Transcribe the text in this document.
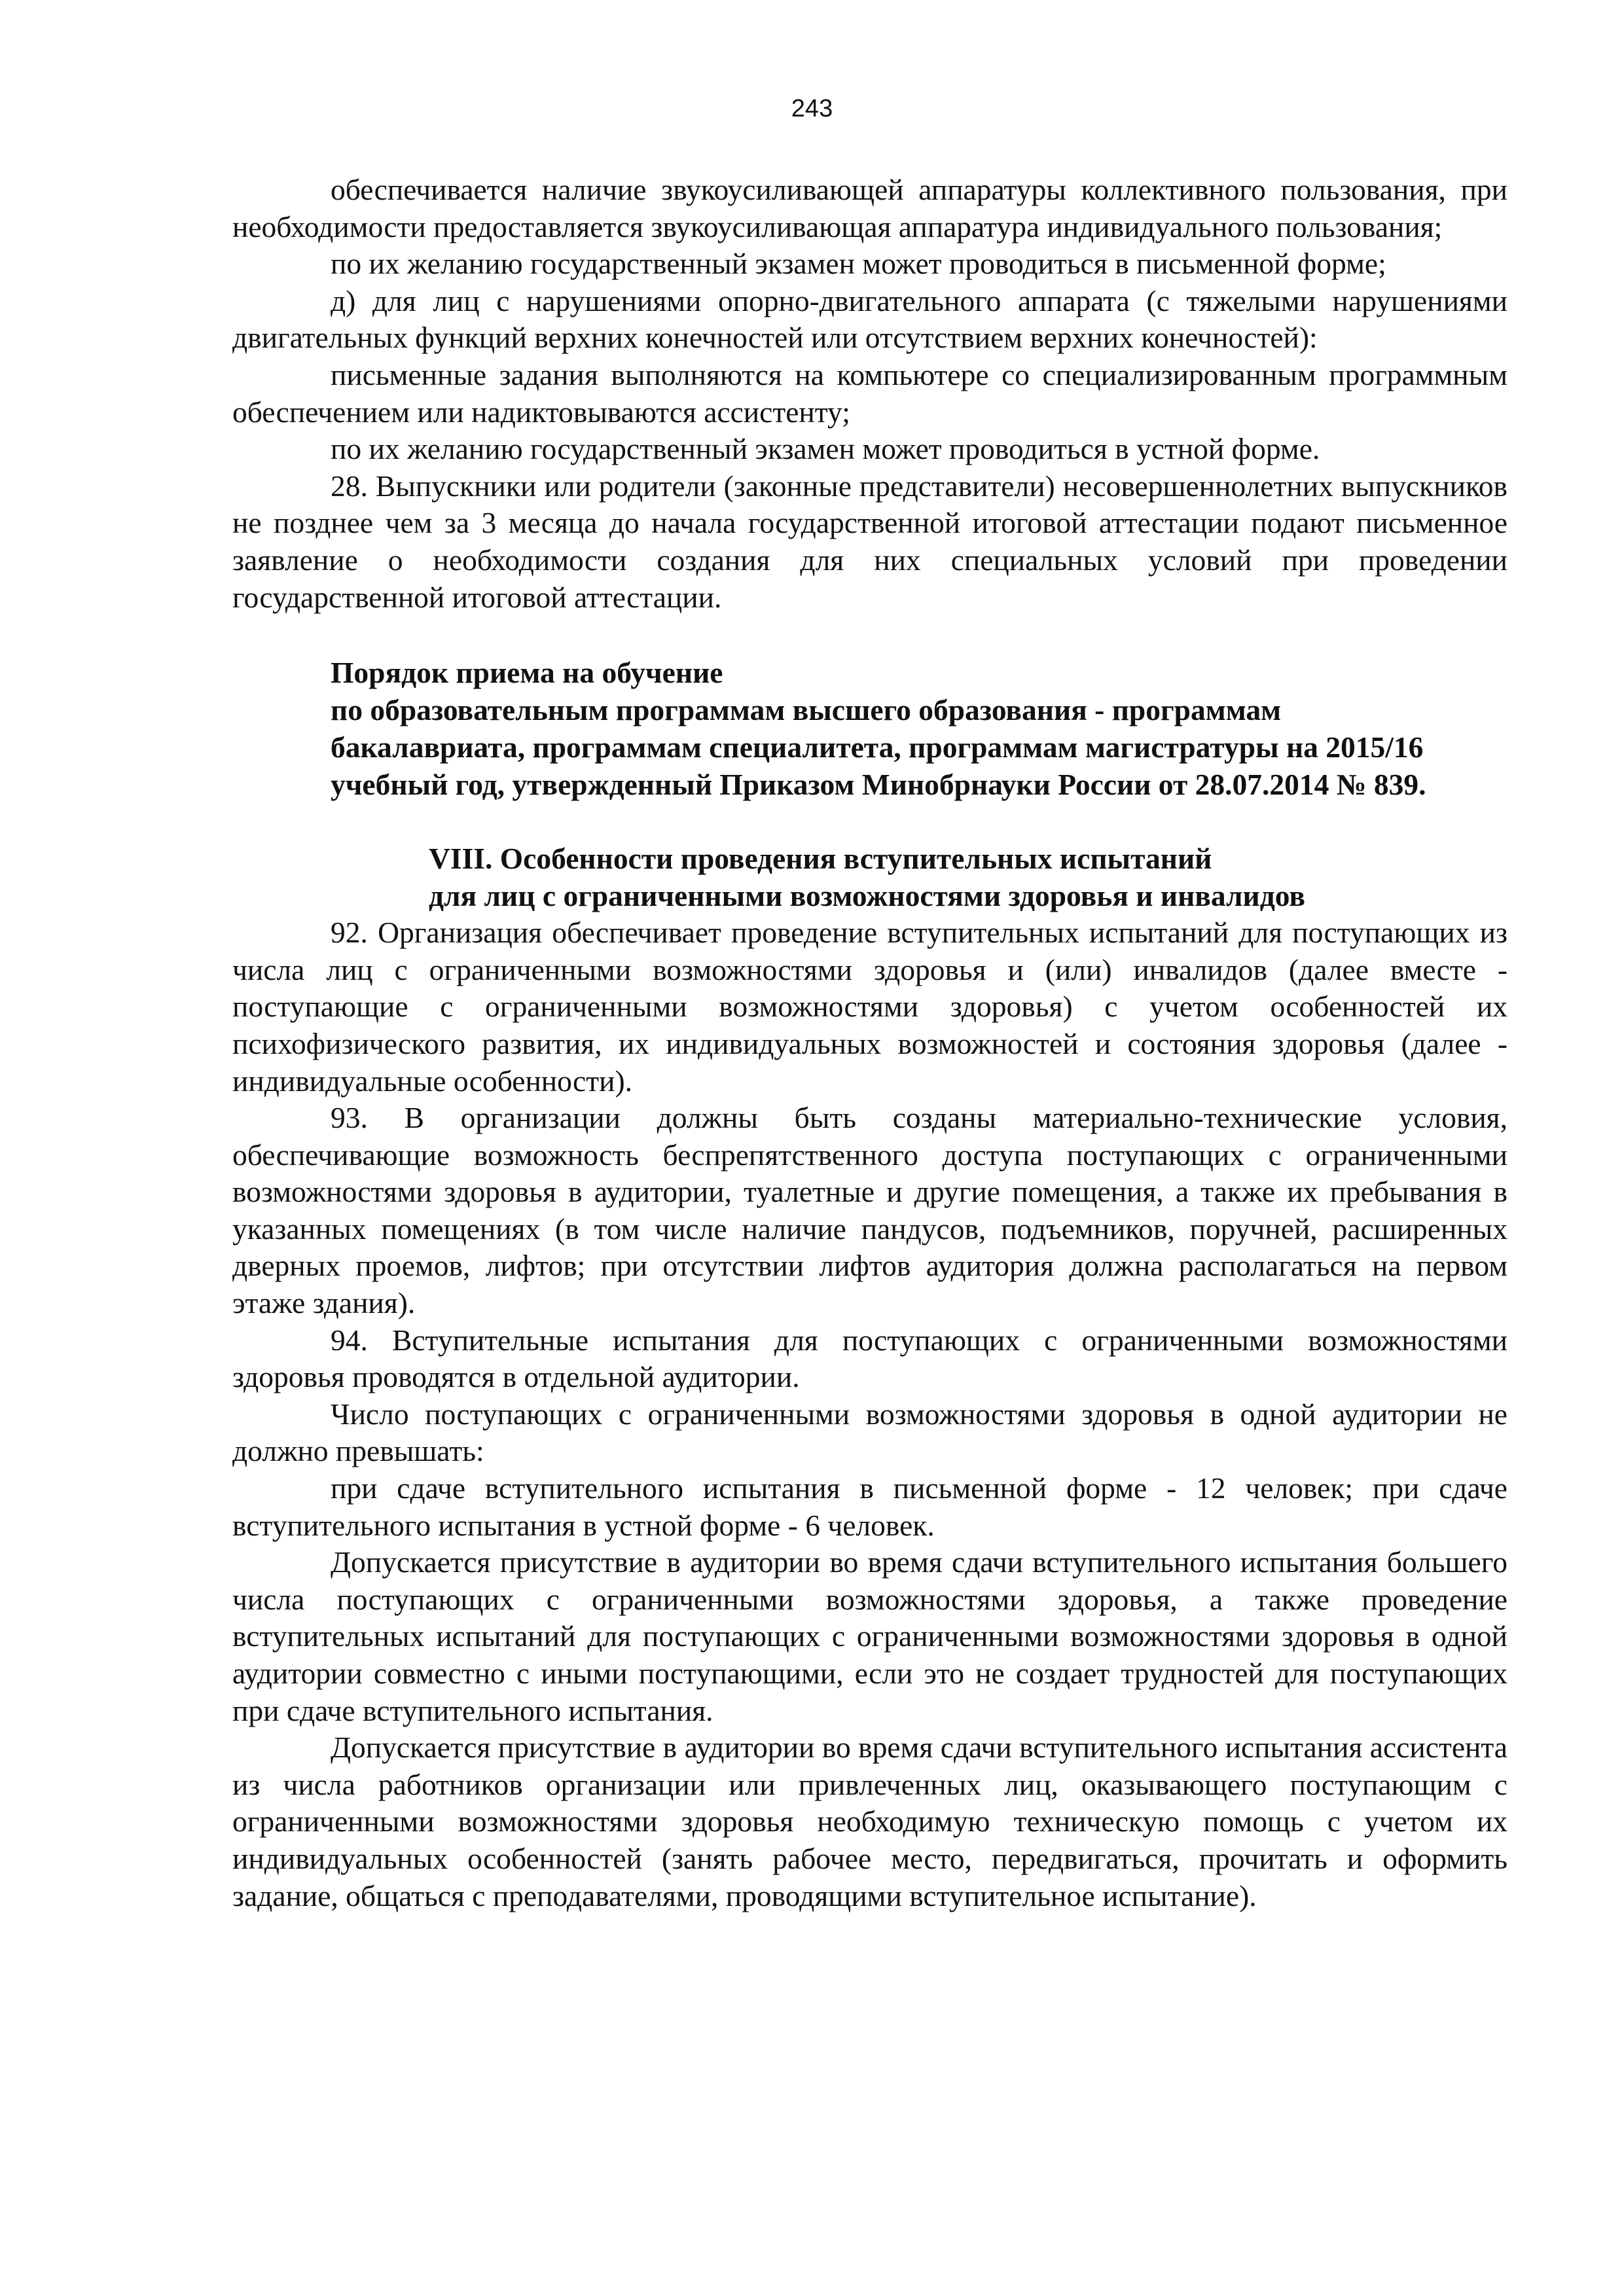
243

обеспечивается наличие звукоусиливающей аппаратуры коллективного пользования, при необходимости предоставляется звукоусиливающая аппаратура индивидуального пользования;

по их желанию государственный экзамен может проводиться в письменной форме;

д) для лиц с нарушениями опорно-двигательного аппарата (с тяжелыми нарушениями двигательных функций верхних конечностей или отсутствием верхних конечностей):

письменные задания выполняются на компьютере со специализированным программным обеспечением или надиктовываются ассистенту;

по их желанию государственный экзамен может проводиться в устной форме.

28. Выпускники или родители (законные представители) несовершеннолетних выпускников не позднее чем за 3 месяца до начала государственной итоговой аттестации подают письменное заявление о необходимости создания для них специальных условий при проведении государственной итоговой аттестации.

Порядок приема на обучение

по образовательным программам высшего образования - программам

бакалавриата, программам специалитета, программам магистратуры на 2015/16

учебный год, утвержденный Приказом Минобрнауки России от 28.07.2014 № 839.

VIII. Особенности проведения вступительных испытаний

для лиц с ограниченными возможностями здоровья и инвалидов

92. Организация обеспечивает проведение вступительных испытаний для поступающих из числа лиц с ограниченными возможностями здоровья и (или) инвалидов (далее вместе - поступающие с ограниченными возможностями здоровья) с учетом особенностей их психофизического развития, их индивидуальных возможностей и состояния здоровья (далее - индивидуальные особенности).

93. В организации должны быть созданы материально-технические условия, обеспечивающие возможность беспрепятственного доступа поступающих с ограниченными возможностями здоровья в аудитории, туалетные и другие помещения, а также их пребывания в указанных помещениях (в том числе наличие пандусов, подъемников, поручней, расширенных дверных проемов, лифтов; при отсутствии лифтов аудитория должна располагаться на первом этаже здания).

94. Вступительные испытания для поступающих с ограниченными возможностями здоровья проводятся в отдельной аудитории.

Число поступающих с ограниченными возможностями здоровья в одной аудитории не должно превышать:

при сдаче вступительного испытания в письменной форме - 12 человек; при сдаче вступительного испытания в устной форме - 6 человек.

Допускается присутствие в аудитории во время сдачи вступительного испытания большего числа поступающих с ограниченными возможностями здоровья, а также проведение вступительных испытаний для поступающих с ограниченными возможностями здоровья в одной аудитории совместно с иными поступающими, если это не создает трудностей для поступающих при сдаче вступительного испытания.

Допускается присутствие в аудитории во время сдачи вступительного испытания ассистента из числа работников организации или привлеченных лиц, оказывающего поступающим с ограниченными возможностями здоровья необходимую техническую помощь с учетом их индивидуальных особенностей (занять рабочее место, передвигаться, прочитать и оформить задание, общаться с преподавателями, проводящими вступительное испытание).
